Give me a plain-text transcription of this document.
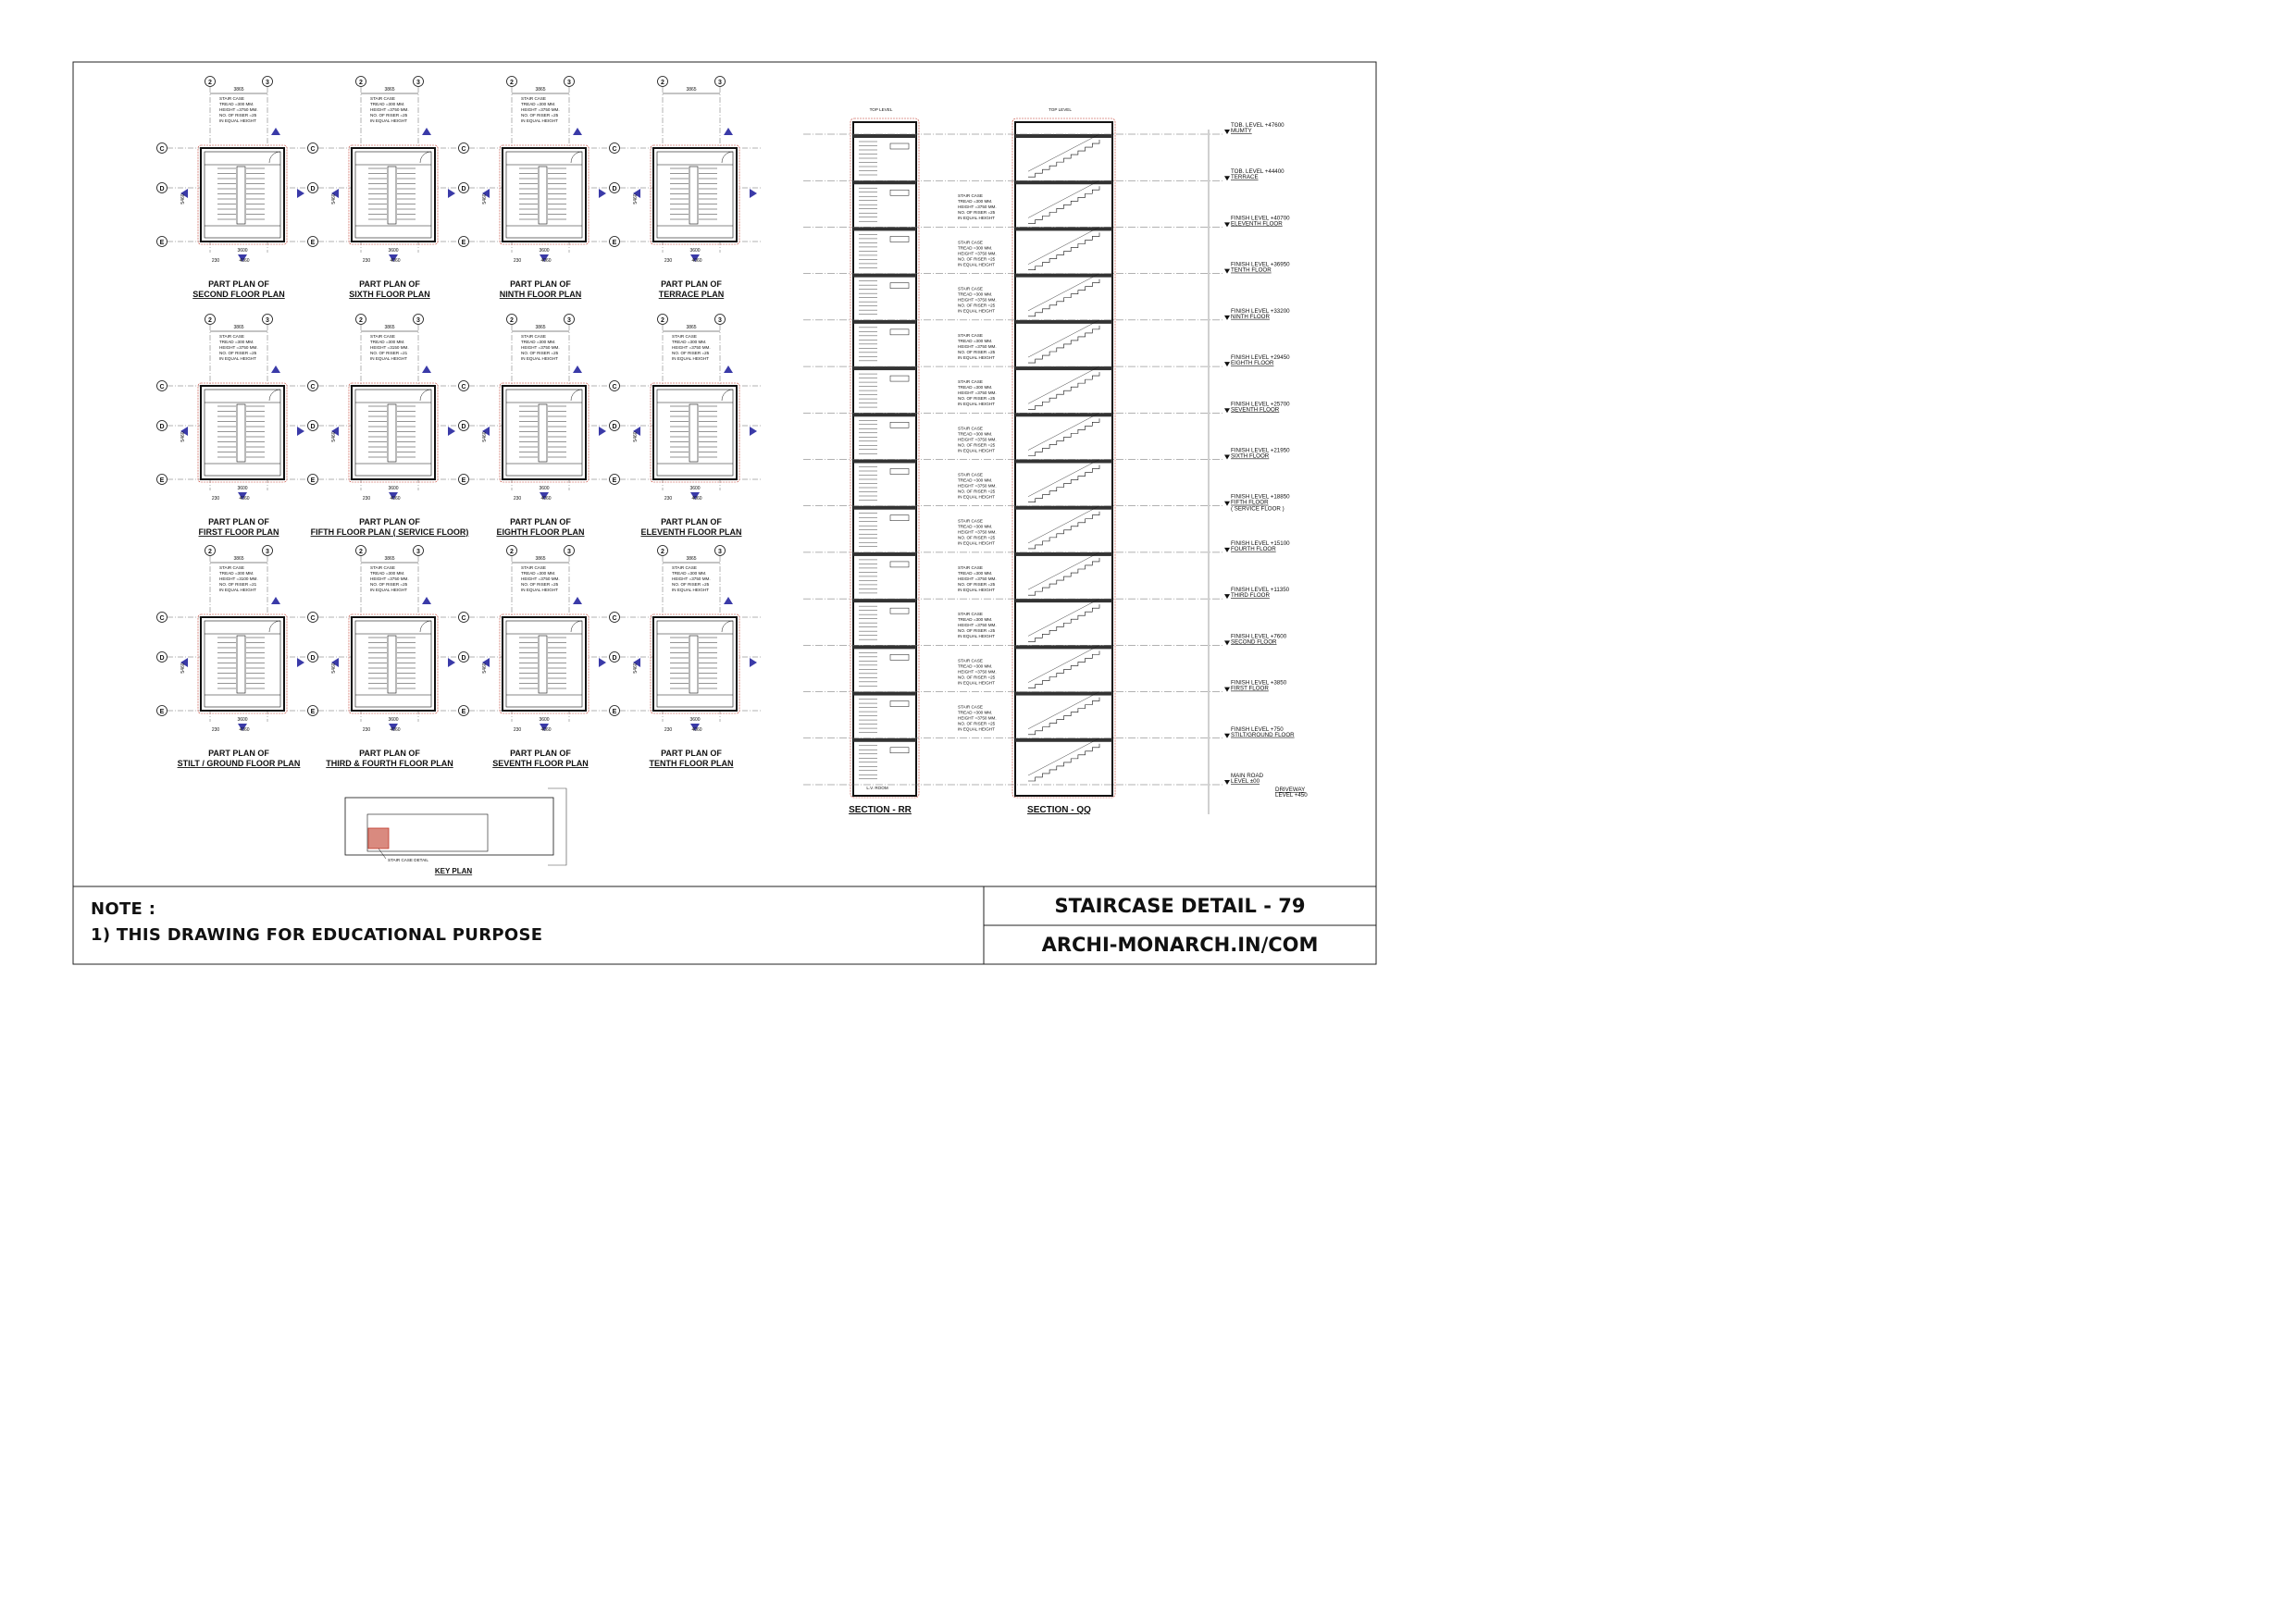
2	3
3865
STAIR CASE
TREAD =300 MM.
HEIGHT =3750 MM.
NO. OF RISER =25
IN EQUAL HEIGHT
C
D
E
3600
4060
230
5460
PART PLAN OF
SECOND FLOOR PLAN
2	3
3865
STAIR CASE
TREAD =300 MM.
HEIGHT =3750 MM.
NO. OF RISER =25
IN EQUAL HEIGHT
C
D
E
3600
4060
230
5460
PART PLAN OF
SIXTH FLOOR PLAN
2	3
3865
STAIR CASE
TREAD =300 MM.
HEIGHT =3750 MM.
NO. OF RISER =25
IN EQUAL HEIGHT
C
D
E
3600
4060
230
5460
PART PLAN OF
NINTH FLOOR PLAN
2	3
3865
C
D
E
3600
4060
230
5460
PART PLAN OF
TERRACE PLAN
2	3
3865
STAIR CASE
TREAD =300 MM.
HEIGHT =3750 MM.
NO. OF RISER =25
IN EQUAL HEIGHT
C
D
E
3600
4060
230
5460
PART PLAN OF
FIRST FLOOR PLAN
2	3
3865
STAIR CASE
TREAD =300 MM.
HEIGHT =3150 MM.
NO. OF RISER =21
IN EQUAL HEIGHT
C
D
E
3600
4060
230
5460
PART PLAN OF
FIFTH FLOOR PLAN ( SERVICE FLOOR)
2	3
3865
STAIR CASE
TREAD =300 MM.
HEIGHT =3750 MM.
NO. OF RISER =25
IN EQUAL HEIGHT
C
D
E
3600
4060
230
5460
PART PLAN OF
EIGHTH FLOOR PLAN
2	3
3865
STAIR CASE
TREAD =300 MM.
HEIGHT =3750 MM.
NO. OF RISER =25
IN EQUAL HEIGHT
C
D
E
3600
4060
230
5460
PART PLAN OF
ELEVENTH FLOOR PLAN
2	3
3865
STAIR CASE
TREAD =300 MM.
HEIGHT =3100 MM.
NO. OF RISER =21
IN EQUAL HEIGHT
C
D
E
3600
4060
230
5460
PART PLAN OF
STILT / GROUND FLOOR PLAN
2	3
3865
STAIR CASE
TREAD =300 MM.
HEIGHT =3750 MM.
NO. OF RISER =25
IN EQUAL HEIGHT
C
D
E
3600
4060
230
5460
PART PLAN OF
THIRD & FOURTH FLOOR PLAN
2	3
3865
STAIR CASE
TREAD =300 MM.
HEIGHT =3750 MM.
NO. OF RISER =25
IN EQUAL HEIGHT
C
D
E
3600
4060
230
5460
PART PLAN OF
SEVENTH FLOOR PLAN
2	3
3865
STAIR CASE
TREAD =300 MM.
HEIGHT =3750 MM.
NO. OF RISER =25
IN EQUAL HEIGHT
C
D
E
3600
4060
230
5460
PART PLAN OF
TENTH FLOOR PLAN
TOP LEVEL
SECTION - RR
L.V. ROOM
TOP LEVEL
SECTION - QQ
STAIR CASE
TREAD =300 MM.
HEIGHT =3750 MM.
NO. OF RISER =25
IN EQUAL HEIGHT
STAIR CASE
TREAD =300 MM.
HEIGHT =3750 MM.
NO. OF RISER =25
IN EQUAL HEIGHT
STAIR CASE
TREAD =300 MM.
HEIGHT =3750 MM.
NO. OF RISER =25
IN EQUAL HEIGHT
STAIR CASE
TREAD =300 MM.
HEIGHT =3750 MM.
NO. OF RISER =25
IN EQUAL HEIGHT
STAIR CASE
TREAD =300 MM.
HEIGHT =3750 MM.
NO. OF RISER =25
IN EQUAL HEIGHT
STAIR CASE
TREAD =300 MM.
HEIGHT =3750 MM.
NO. OF RISER =25
IN EQUAL HEIGHT
STAIR CASE
TREAD =300 MM.
HEIGHT =3750 MM.
NO. OF RISER =25
IN EQUAL HEIGHT
STAIR CASE
TREAD =300 MM.
HEIGHT =3750 MM.
NO. OF RISER =25
IN EQUAL HEIGHT
STAIR CASE
TREAD =300 MM.
HEIGHT =3750 MM.
NO. OF RISER =25
IN EQUAL HEIGHT
STAIR CASE
TREAD =300 MM.
HEIGHT =3750 MM.
NO. OF RISER =25
IN EQUAL HEIGHT
STAIR CASE
TREAD =300 MM.
HEIGHT =3750 MM.
NO. OF RISER =25
IN EQUAL HEIGHT
STAIR CASE
TREAD =300 MM.
HEIGHT =3750 MM.
NO. OF RISER =25
IN EQUAL HEIGHT
TOB. LEVEL +47600
MUMTY
TOB. LEVEL +44400
TERRACE
FINISH LEVEL +40700
ELEVENTH FLOOR
FINISH LEVEL +36950
TENTH FLOOR
FINISH LEVEL +33200
NINTH FLOOR
FINISH LEVEL +29450
EIGHTH FLOOR
FINISH LEVEL +25700
SEVENTH FLOOR
FINISH LEVEL +21950
SIXTH FLOOR
FINISH LEVEL +18850
FIFTH FLOOR
( SERVICE FLOOR )
FINISH LEVEL +15100
FOURTH FLOOR
FINISH LEVEL +11350
THIRD FLOOR
FINISH LEVEL +7600
SECOND FLOOR
FINISH LEVEL +3850
FIRST FLOOR
FINISH LEVEL +750
STILT/GROUND FLOOR
MAIN ROAD
LEVEL ±00
DRIVEWAY
LEVEL +450
STAIR CASE DETAIL
KEY PLAN
NOTE :
1) THIS DRAWING FOR EDUCATIONAL PURPOSE
STAIRCASE DETAIL - 79
ARCHI-MONARCH.IN/COM
